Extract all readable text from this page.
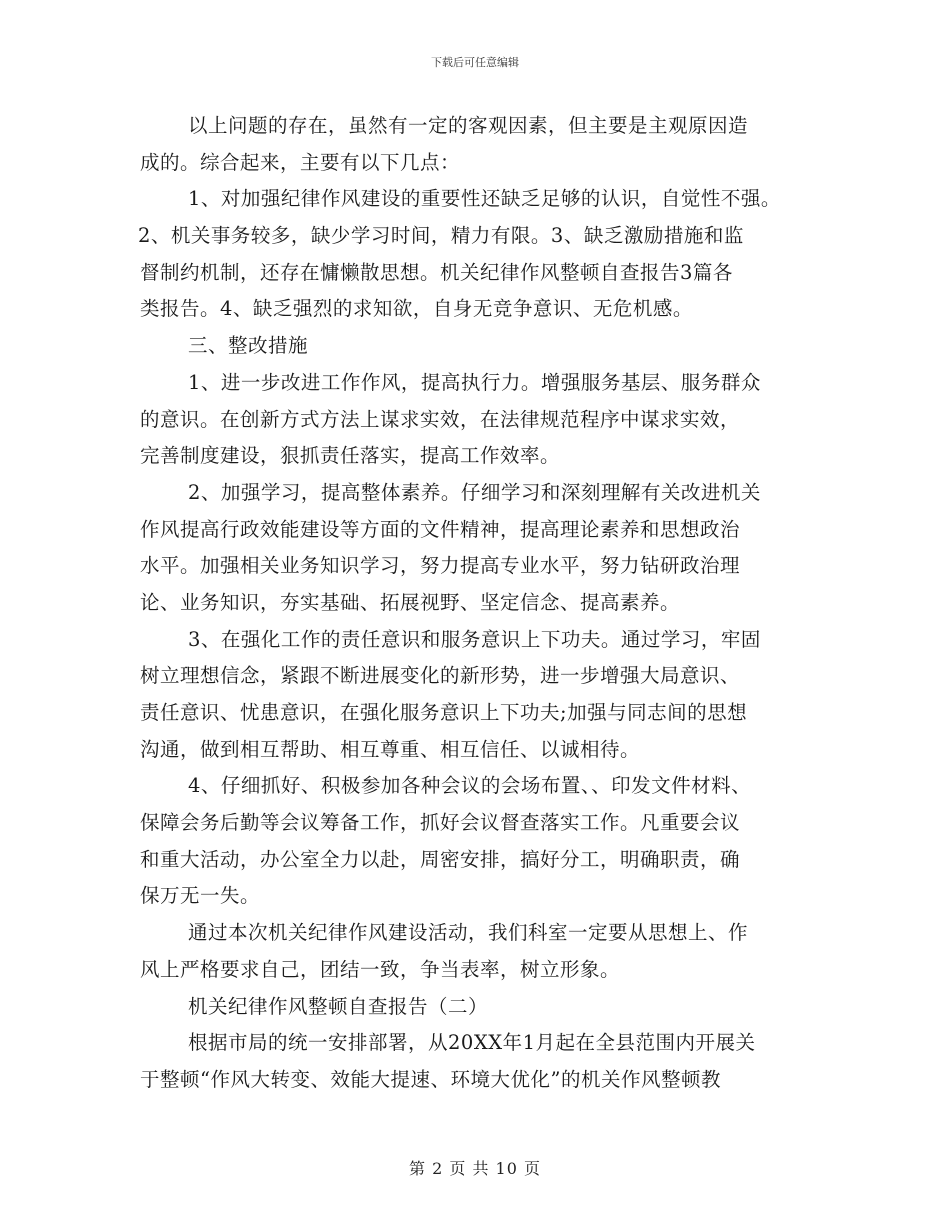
下载后可任意编辑
以上问题的存在，虽然有一定的客观因素，但主要是主观原因造
成的。综合起来，主要有以下几点：
1、对加强纪律作风建设的重要性还缺乏足够的认识，自觉性不强。
2、机关事务较多，缺少学习时间，精力有限。3、缺乏激励措施和监
督制约机制，还存在慵懒散思想。机关纪律作风整顿自查报告3篇各
类报告。4、缺乏强烈的求知欲，自身无竞争意识、无危机感。
三、整改措施
1、进一步改进工作作风，提高执行力。增强服务基层、服务群众
的意识。在创新方式方法上谋求实效，在法律规范程序中谋求实效，
完善制度建设，狠抓责任落实，提高工作效率。
2、加强学习，提高整体素养。仔细学习和深刻理解有关改进机关
作风提高行政效能建设等方面的文件精神，提高理论素养和思想政治
水平。加强相关业务知识学习，努力提高专业水平，努力钻研政治理
论、业务知识，夯实基础、拓展视野、坚定信念、提高素养。
3、在强化工作的责任意识和服务意识上下功夫。通过学习，牢固
树立理想信念，紧跟不断进展变化的新形势，进一步增强大局意识、
责任意识、忧患意识，在强化服务意识上下功夫;加强与同志间的思想
沟通，做到相互帮助、相互尊重、相互信任、以诚相待。
4、仔细抓好、积极参加各种会议的会场布置、、印发文件材料、
保障会务后勤等会议筹备工作，抓好会议督查落实工作。凡重要会议
和重大活动，办公室全力以赴，周密安排，搞好分工，明确职责，确
保万无一失。
通过本次机关纪律作风建设活动，我们科室一定要从思想上、作
风上严格要求自己，团结一致，争当表率，树立形象。
机关纪律作风整顿自查报告（二）
根据市局的统一安排部署，从20XX年1月起在全县范围内开展关
于整顿“作风大转变、效能大提速、环境大优化”的机关作风整顿教
第 2 页 共 10 页
